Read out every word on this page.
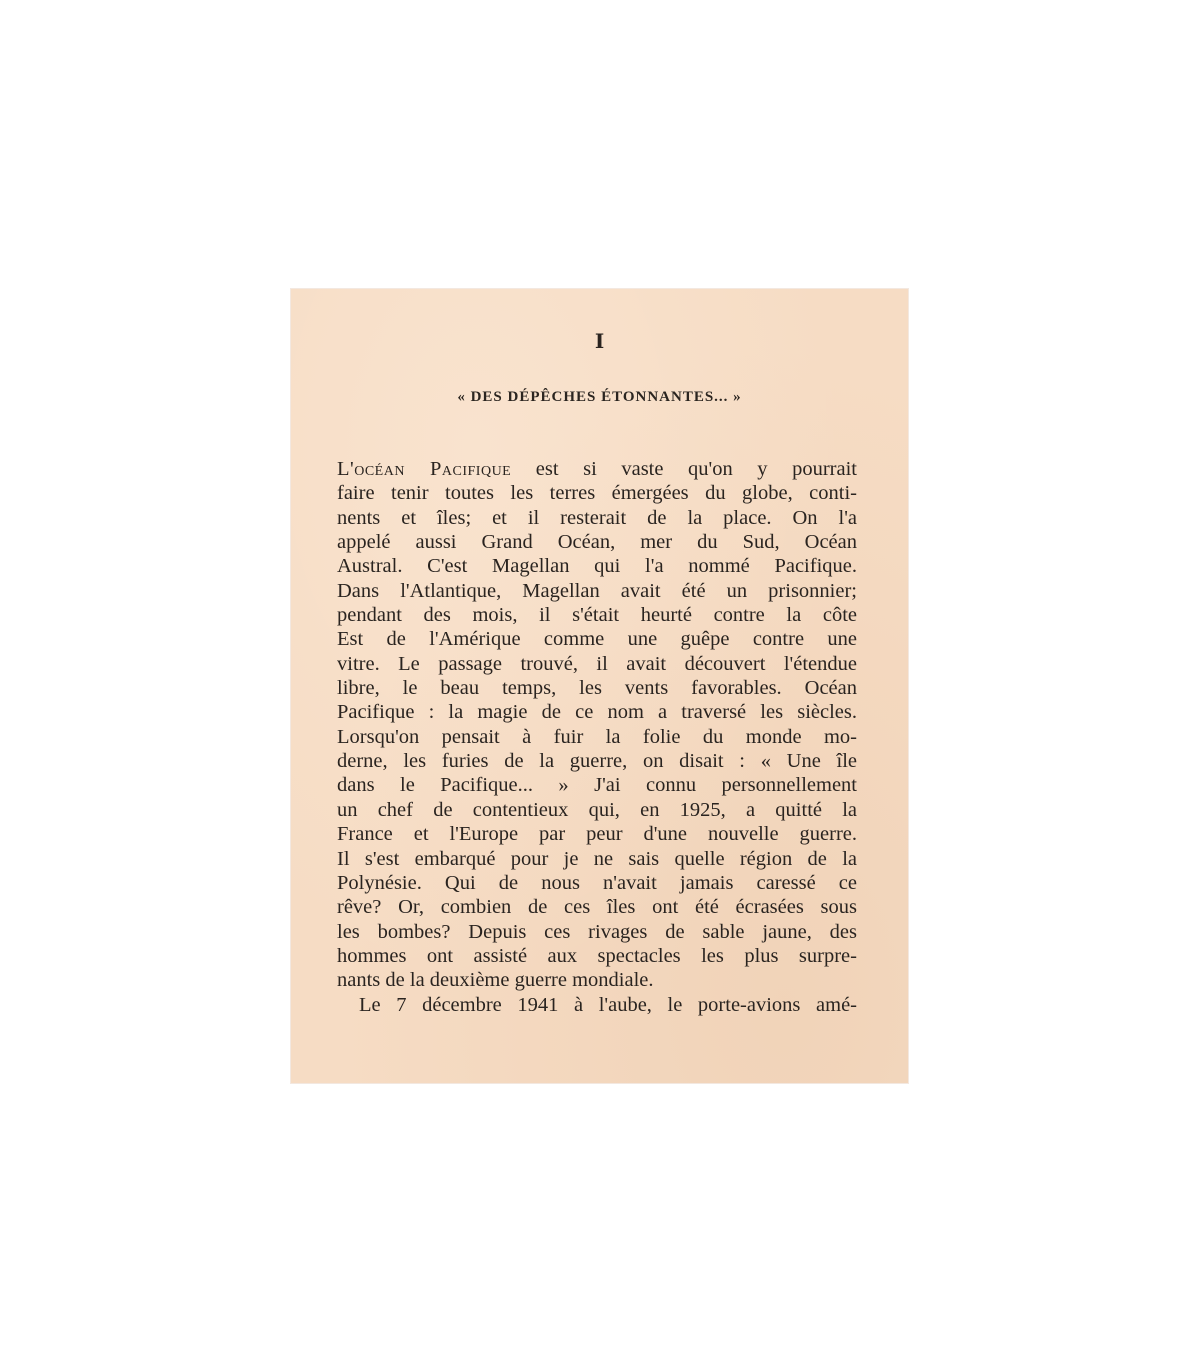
I
« DES DÉPÊCHES ÉTONNANTES... »
L'océan Pacifique est si vaste qu'on y pourrait
faire tenir toutes les terres émergées du globe, conti-
nents et îles; et il resterait de la place. On l'a
appelé aussi Grand Océan, mer du Sud, Océan
Austral. C'est Magellan qui l'a nommé Pacifique.
Dans l'Atlantique, Magellan avait été un prisonnier;
pendant des mois, il s'était heurté contre la côte
Est de l'Amérique comme une guêpe contre une
vitre. Le passage trouvé, il avait découvert l'étendue
libre, le beau temps, les vents favorables. Océan
Pacifique : la magie de ce nom a traversé les siècles.
Lorsqu'on pensait à fuir la folie du monde mo-
derne, les furies de la guerre, on disait : « Une île
dans le Pacifique... » J'ai connu personnellement
un chef de contentieux qui, en 1925, a quitté la
France et l'Europe par peur d'une nouvelle guerre.
Il s'est embarqué pour je ne sais quelle région de la
Polynésie. Qui de nous n'avait jamais caressé ce
rêve? Or, combien de ces îles ont été écrasées sous
les bombes? Depuis ces rivages de sable jaune, des
hommes ont assisté aux spectacles les plus surpre-
nants de la deuxième guerre mondiale.
Le 7 décembre 1941 à l'aube, le porte-avions amé-
